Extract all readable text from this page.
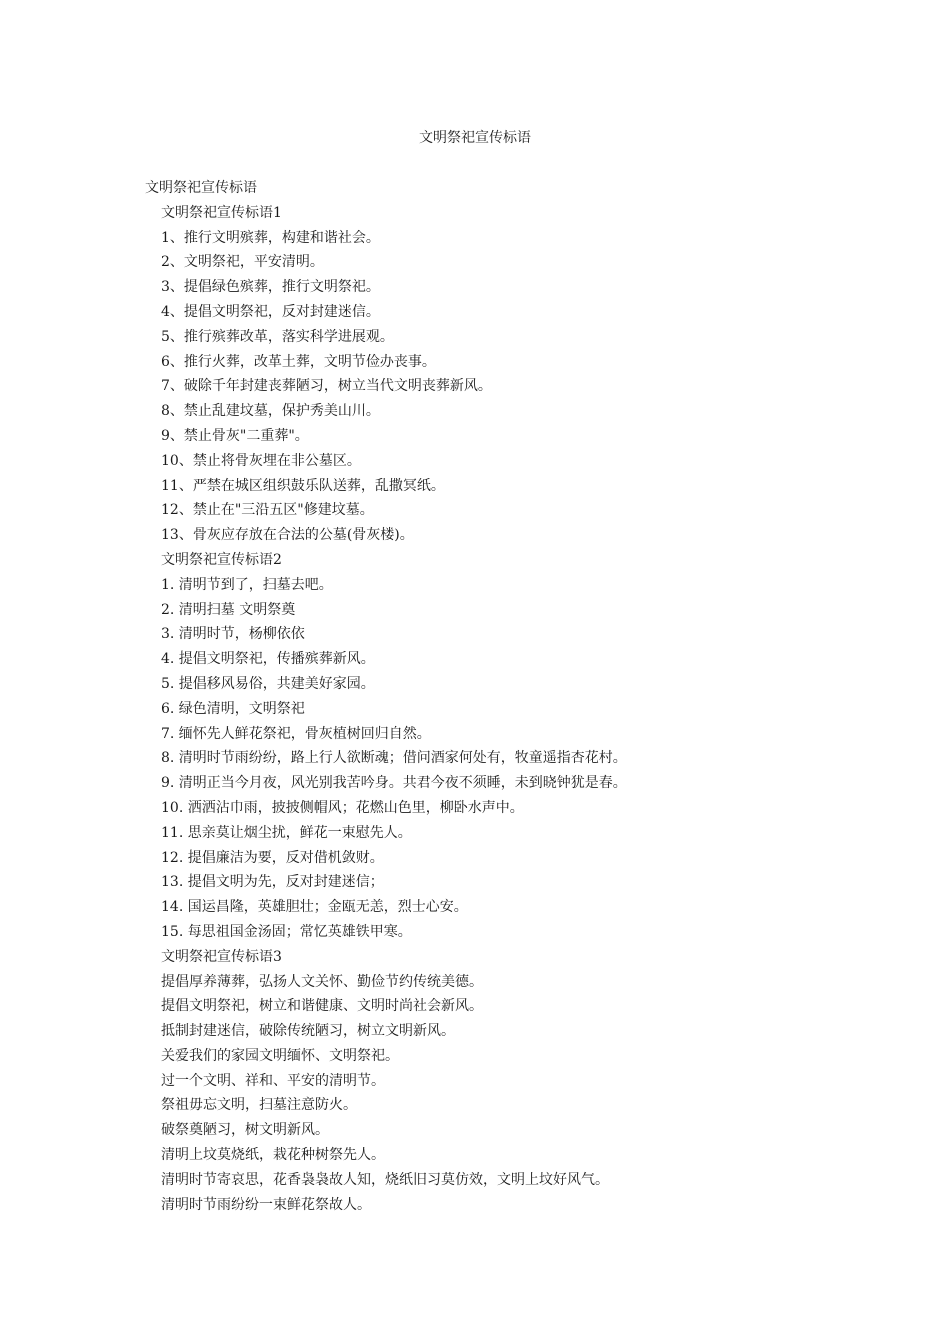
文明祭祀宣传标语

文明祭祀宣传标语

文明祭祀宣传标语1

1、推行文明殡葬，构建和谐社会。

2、文明祭祀，平安清明。

3、提倡绿色殡葬，推行文明祭祀。

4、提倡文明祭祀，反对封建迷信。

5、推行殡葬改革，落实科学进展观。

6、推行火葬，改革土葬，文明节俭办丧事。

7、破除千年封建丧葬陋习，树立当代文明丧葬新风。

8、禁止乱建坟墓，保护秀美山川。

9、禁止骨灰"二重葬"。

10、禁止将骨灰埋在非公墓区。

11、严禁在城区组织鼓乐队送葬，乱撒冥纸。

12、禁止在"三沿五区"修建坟墓。

13、骨灰应存放在合法的公墓(骨灰楼)。

文明祭祀宣传标语2

1. 清明节到了，扫墓去吧。

2. 清明扫墓 文明祭奠

3. 清明时节，杨柳依依

4. 提倡文明祭祀，传播殡葬新风。

5. 提倡移风易俗，共建美好家园。

6. 绿色清明，文明祭祀

7. 缅怀先人鲜花祭祀，骨灰植树回归自然。

8. 清明时节雨纷纷，路上行人欲断魂；借问酒家何处有，牧童遥指杏花村。

9. 清明正当今月夜，风光别我苦吟身。共君今夜不须睡，未到晓钟犹是春。

10. 洒洒沾巾雨，披披侧帽风；花燃山色里，柳卧水声中。

11. 思亲莫让烟尘扰，鲜花一束慰先人。

12. 提倡廉洁为要，反对借机敛财。

13. 提倡文明为先，反对封建迷信；

14. 国运昌隆，英雄胆壮；金瓯无恙，烈士心安。

15. 每思祖国金汤固；常忆英雄铁甲寒。

文明祭祀宣传标语3

提倡厚养薄葬，弘扬人文关怀、勤俭节约传统美德。

提倡文明祭祀，树立和谐健康、文明时尚社会新风。

抵制封建迷信，破除传统陋习，树立文明新风。

关爱我们的家园文明缅怀、文明祭祀。

过一个文明、祥和、平安的清明节。

祭祖毋忘文明，扫墓注意防火。

破祭奠陋习，树文明新风。

清明上坟莫烧纸，栽花种树祭先人。

清明时节寄哀思，花香袅袅故人知，烧纸旧习莫仿效，文明上坟好风气。

清明时节雨纷纷一束鲜花祭故人。
